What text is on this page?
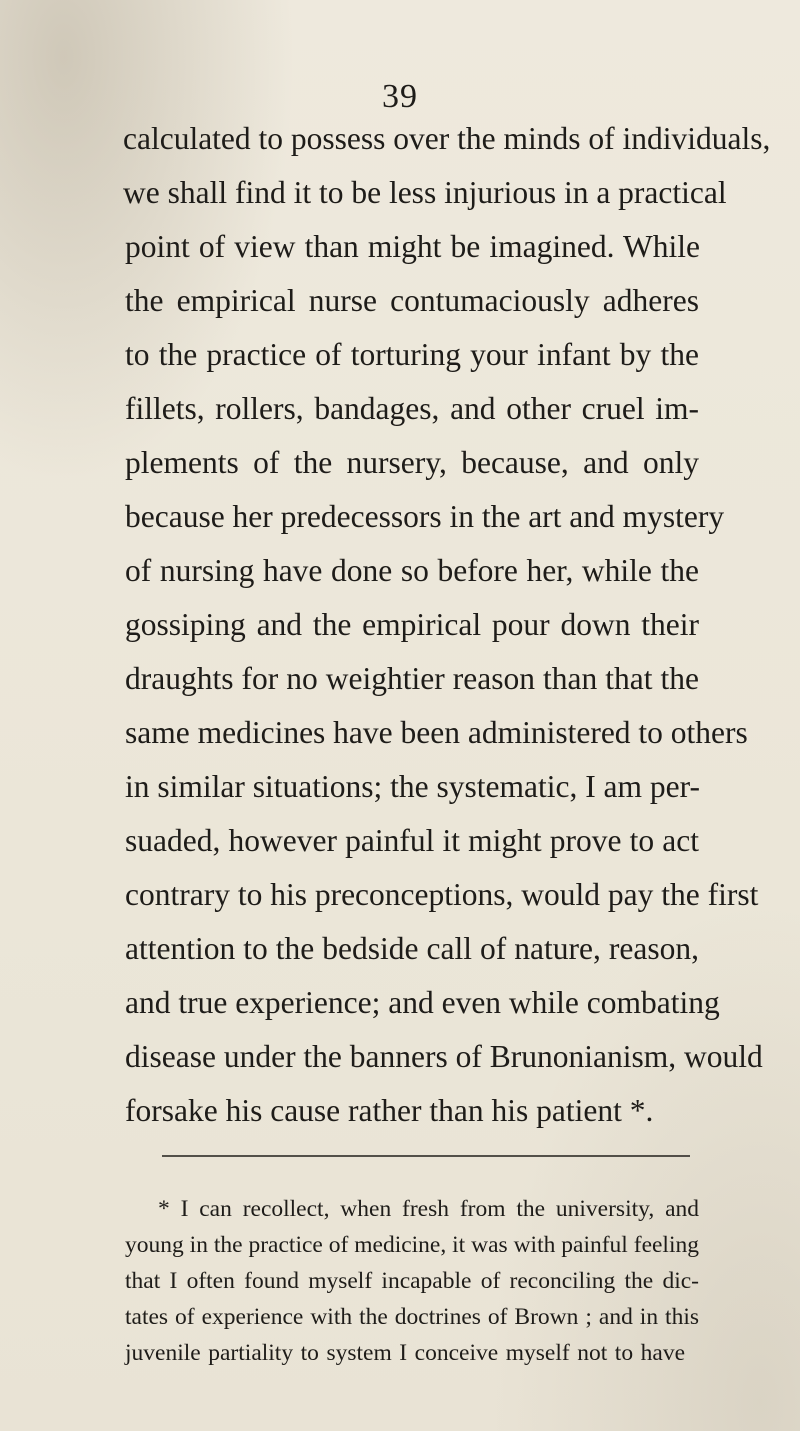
39
calculated to possess over the minds of individuals,
we shall find it to be less injurious in a practical
point of view than might be imagined. While
the empirical nurse contumaciously adheres
to the practice of torturing your infant by the
fillets, rollers, bandages, and other cruel im-
plements of the nursery, because, and only
because her predecessors in the art and mystery
of nursing have done so before her, while the
gossiping and the empirical pour down their
draughts for no weightier reason than that the
same medicines have been administered to others
in similar situations; the systematic, I am per-
suaded, however painful it might prove to act
contrary to his preconceptions, would pay the first
attention to the bedside call of nature, reason,
and true experience; and even while combating
disease under the banners of Brunonianism, would
forsake his cause rather than his patient *.
* I can recollect, when fresh from the university, and
young in the practice of medicine, it was with painful feeling
that I often found myself incapable of reconciling the dic-
tates of experience with the doctrines of Brown ; and in this
juvenile partiality to system I conceive myself not to have
